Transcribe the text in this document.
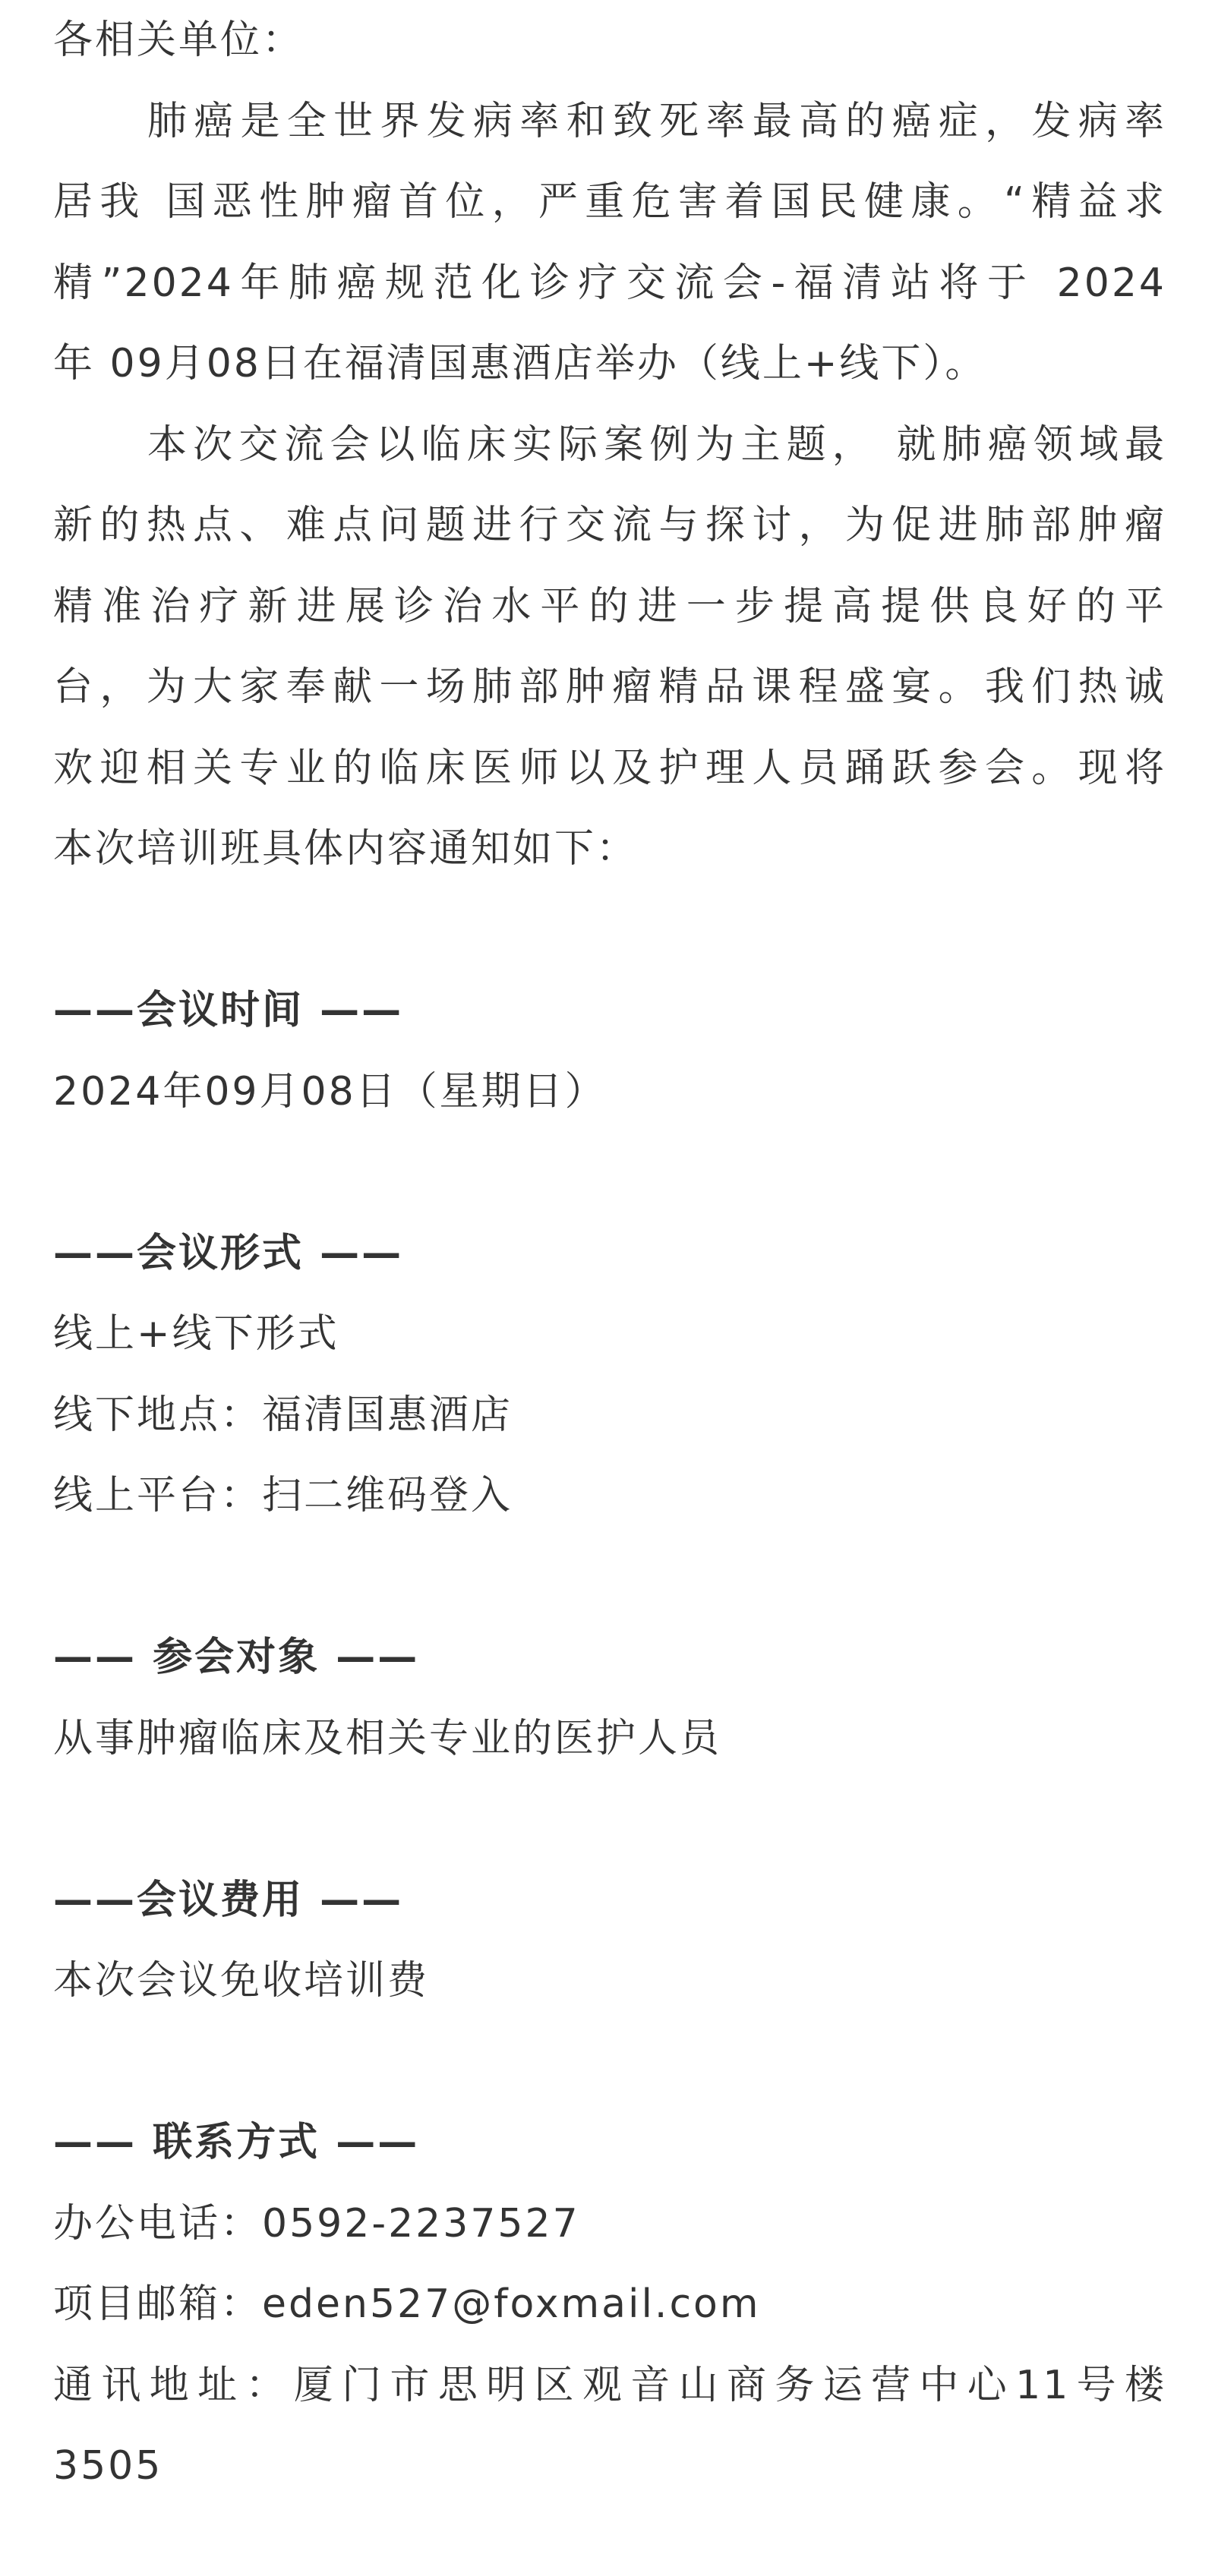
各相关单位：
肺癌是全世界发病率和致死率最高的癌症，发病率
居我 国恶性肿瘤首位，严重危害着国民健康。“精益求
精”2024年肺癌规范化诊疗交流会-福清站将于 2024
年 09月08日在福清国惠酒店举办（线上+线下）。
本次交流会以临床实际案例为主题， 就肺癌领域最
新的热点、难点问题进行交流与探讨，为促进肺部肿瘤
精准治疗新进展诊治水平的进一步提高提供良好的平
台，为大家奉献一场肺部肿瘤精品课程盛宴。我们热诚
欢迎相关专业的临床医师以及护理人员踊跃参会。现将
本次培训班具体内容通知如下：
——会议时间 ——
2024年09月08日（星期日）
——会议形式 ——
线上+线下形式
线下地点：福清国惠酒店
线上平台：扫二维码登入
—— 参会对象 ——
从事肿瘤临床及相关专业的医护人员
——会议费用 ——
本次会议免收培训费
—— 联系方式 ——
办公电话：0592-2237527
项目邮箱：eden527@foxmail.com
通讯地址：厦门市思明区观音山商务运营中心11号楼
3505
